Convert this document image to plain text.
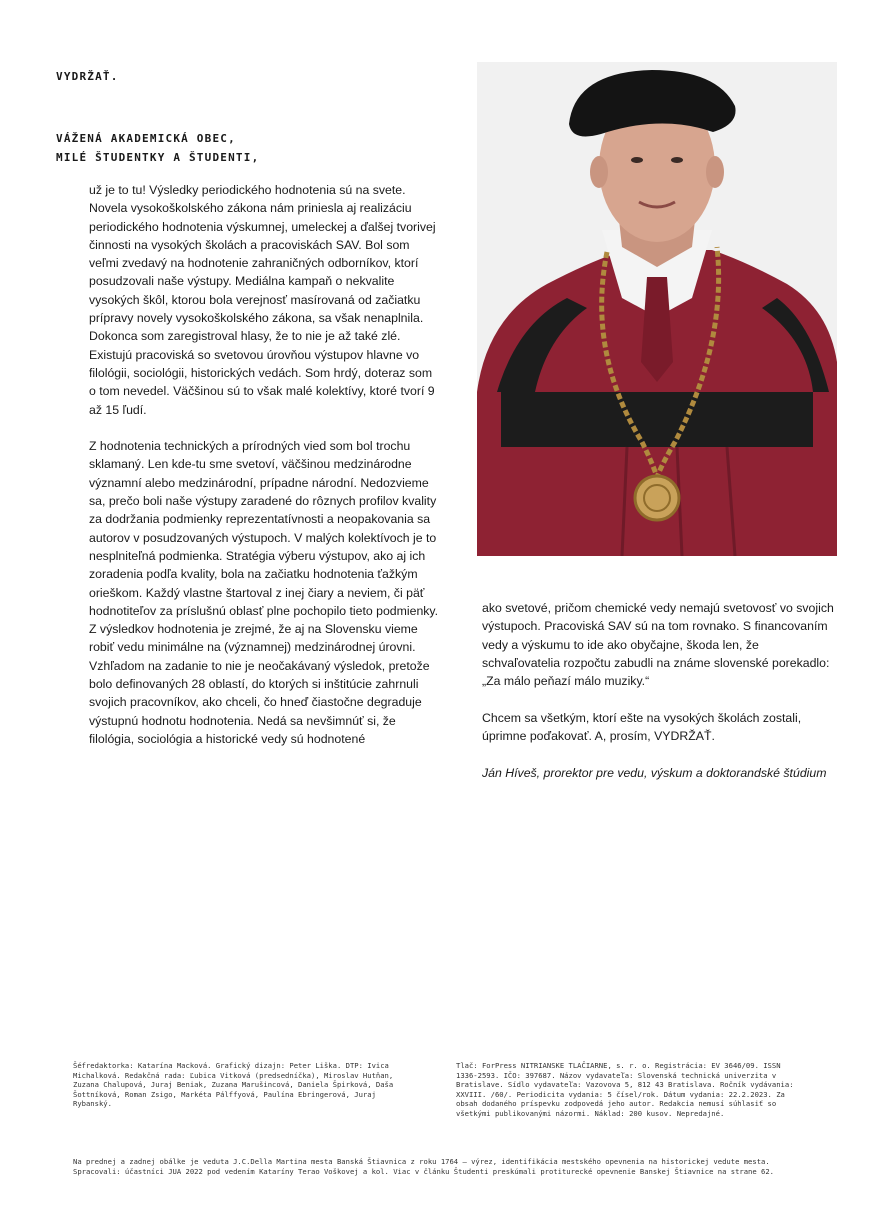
VYDRŽAŤ.
VÁŽENÁ AKADEMICKÁ OBEC,
MILÉ ŠTUDENTKY A ŠTUDENTI,

už je to tu! Výsledky periodického hodnotenia sú na svete. Novela vysokoškolského zákona nám priniesla aj realizáciu periodického hodnotenia výskumnej, umeleckej a ďalšej tvorivej činnosti na vysokých školách a pracoviskách SAV. Bol som veľmi zvedavý na hodnotenie zahraničných odborníkov, ktorí posudzovali naše výstupy. Mediálna kampaň o nekvalite vysokých škôl, ktorou bola verejnosť masírovaná od začiatku prípravy novely vysokoškolského zákona, sa však nenaplnila. Dokonca som zaregistroval hlasy, že to nie je až také zlé. Existujú pracoviská so svetovou úrovňou výstupov hlavne vo filológii, sociológii, historických vedách. Som hrdý, doteraz som o tom nevedel. Väčšinou sú to však malé kolektívy, ktoré tvorí 9 až 15 ľudí.

Z hodnotenia technických a prírodných vied som bol trochu sklamaný. Len kde-tu sme svetoví, väčšinou medzinárodne významní alebo medzinárodní, prípadne národní. Nedozvieme sa, prečo boli naše výstupy zaradené do rôznych profilov kvality za dodržania podmienky reprezentatívnosti a neopakovania sa autorov v posudzovaných výstupoch. V malých kolektívoch je to nesplniteľná podmienka. Stratégia výberu výstupov, ako aj ich zoradenia podľa kvality, bola na začiatku hodnotenia ťažkým orieškom. Každý vlastne štartoval z inej čiary a neviem, či päť hodnotiteľov za príslušnú oblasť plne pochopilo tieto podmienky. Z výsledkov hodnotenia je zrejmé, že aj na Slovensku vieme robiť vedu minimálne na (významnej) medzinárodnej úrovni. Vzhľadom na zadanie to nie je neočakávaný výsledok, pretože bolo definovaných 28 oblastí, do ktorých si inštitúcie zahrnuli svojich pracovníkov, ako chceli, čo hneď čiastočne degraduje výstupnú hodnotu hodnotenia. Nedá sa nevšimnúť si, že filológia, sociológia a historické vedy sú hodnotené

ako svetové, pričom chemické vedy nemajú svetovosť vo svojich výstupoch. Pracoviská SAV sú na tom rovnako. S financovaním vedy a výskumu to ide ako obyčajne, škoda len, že schvaľovatelia rozpočtu zabudli na známe slovenské porekadlo: „Za málo peňazí málo muziky.“

Chcem sa všetkým, ktorí ešte na vysokých školách zostali, úprimne poďakovať. A, prosím, VYDRŽAŤ.

Ján Híveš, prorektor pre vedu, výskum a doktorandské štúdium

Šéfredaktorka: Katarína Macková. Grafický dizajn: Peter Liška. DTP: Ivica Michalková. Redakčná rada: Ľubica Vitková (predsedníčka), Miroslav Hutňan, Zuzana Chalupová, Juraj Beniak, Zuzana Marušincová, Daniela Špirková, Daša Šottníková, Roman Zsigo, Markéta Pálffyová, Paulína Ebringerová, Juraj Rybanský.
Tlač: ForPress NITRIANSKE TLAČIARNE, s. r. o. Registrácia: EV 3646/09. ISSN 1336-2593. IČO: 397687. Názov vydavateľa: Slovenská technická univerzita v Bratislave. Sídlo vydavateľa: Vazovova 5, 812 43 Bratislava. Ročník vydávania: XXVIII. /60/. Periodicita vydania: 5 čísel/rok. Dátum vydania: 22.2.2023. Za obsah dodaného príspevku zodpovedá jeho autor. Redakcia nemusí súhlasiť so všetkými publikovanými názormi. Náklad: 200 kusov. Nepredajné.
Na prednej a zadnej obálke je veduta J.C.Della Martina mesta Banská Štiavnica z roku 1764 – výrez, identifikácia mestského opevnenia na historickej vedute mesta. Spracovali: účastníci JUA 2022 pod vedením Kataríny Terao Voškovej a kol. Viac v článku Študenti preskúmali protiturecké opevnenie Banskej Štiavnice na strane 62.
